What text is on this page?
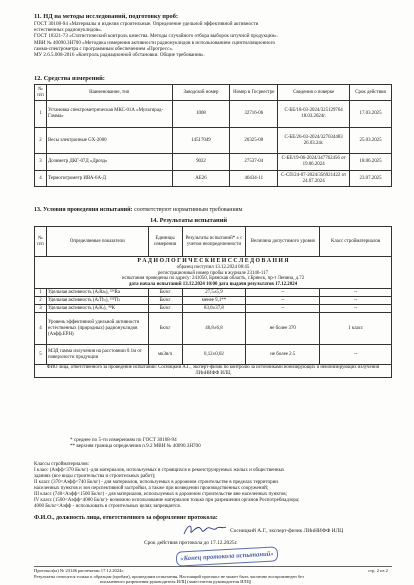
11. НД на методы исследований, подготовку проб:
ГОСТ 30108-94 «Материалы и изделия строительные. Определение удельной эффективной активности
естественных радионуклидов».
ГОСТ 18321-73 «Статистический контроль качества. Методы случайного отбора выборок штучной продукции».
МВИ № 40090.3Н700 «Методика измерения активности радионуклидов в использованием сцинтилляционного
гамма-спектрометра с программным обеспечением «Прогресс».
МУ 2.6.5.008-2016 «Контроль радиационной обстановки. Общие требования».
12. Средства измерений:
№ п/п	Наименование, тип	Заводской номер	Номер в Госреестре	Сведения о поверке	Срок действия
1	Установка спектрометрическая МКС-01А «Мультирад-Гамма»	1008	32716-06	С-БЕ/18-03-2024/325129764 18.03.2024г.	17.03.2025
2	Весы электронные GX-2000	14517049	20325-00	С-БЕ/26-03-2024/327034483 26.03.24г.	25.03.2025
3	Дозиметр ДКГ-07Д «Дрозд»	9022	27537-04	С-БЕ/19-06-2024/347762456 от 19.06.2024	18.06.2025
4	Термогигрометр ИВА-6А-Д	АЕ26	46434-11	С-СП/24-07-2024/356921422 от 24.07.2024	23.07.2025
13. Условия проведения испытаний: соответствуют нормативным требованиям
14. Результаты испытаний
№ п/п	Определяемые показатели	Единицы измерения	Результаты испытаний* ± с учетом неопределенности	Величина допустимого уровня	Класс стройматериалов

Р А Д И О Л О Г И Ч Е С К И Е И С С Л Е Д О В А Н И Я
образец поступил 13.12.2024 08:45
регистрационный номер пробы в журнале 23146-117
испытания проведены по адресу: 241050, Брянская область, г.Брянск, пр-т Ленина, д.72
дата начала испытаний 13.12.2024 10:00 дата выдачи результатов 17.12.2024					

1	Удельная активность (A₍Ra₎), ²²⁶Ra	Бк/кг	27,5±5,9	--	--
2	Удельная активность (A₍Th₎), ²³²Th	Бк/кг	менее 9,1**	--	--
3	Удельная активность (A₍K₎), ⁴⁰K	Бк/кг	83,0±37,8	--	--
4	Уровень эффективной удельной активности естественных (природных) радионуклидов (Аэфф.ЕРН)	Бк/кг	46,8±6,8	не более 370	1 класс
5	МЭД гамма излучения на расстоянии 0.1м от поверхности продукции	мкЗв/ч	0,12±0,02	не более 2.5	--
ФИО лица, ответственного за проведение испытаний: Сосницкий А.Г., эксперт-физик по контролю за источниками ионизирующих и неионизирующих излучений ЛИиНИФФ ИЛЦ					
* среднее по 5-ти измерениям по ГОСТ 30108-94
** верхняя граница определения п.9.2 МВИ № 40090.3Н700
Классы стройматериалов:
I класс (Аэфф<370 Бк/кг) -для материалов, используемых в строящихся и реконструируемых жилых и общественных
зданиях (все виды строительства и строительных работ);
II класс (370<Аэфф<740 Бк/кг) - для материалов, используемых в дорожном строительстве в пределах территории
населенных пунктов и зон перспективной застройки, а также при возведении производственных сооружений;
III класс (740<Аэфф<1500 Бк/кг) - для материалов, используемых в дорожном строительстве вне населенных пунктов;
IV класс (1500<Аэфф<4000 Бк/кг)- возможно использование материалов только при разрешении органов Роспотребнадзора;
4000 Бк/кг<Аэфф - использовать в строительных целях запрещается.
Ф.И.О., должность лица, ответственного за оформление протокола:
Сосницкий А.Г., эксперт-физик ЛИиНИФФ ИЛЦ
Срок действия протокола до 17.12.2025г.
«Конец протокола испытаний»
Протокол(ы) № 23146 распечатан 17.12.2024г.	стр. 2 из 2
Результаты относятся только к образцам (пробам), прошедшим испытания. Настоящий протокол не может быть частично воспроизведен без
письменного разрешения руководителя ИЛЦ (заместителя руководителя ИЛЦ)
